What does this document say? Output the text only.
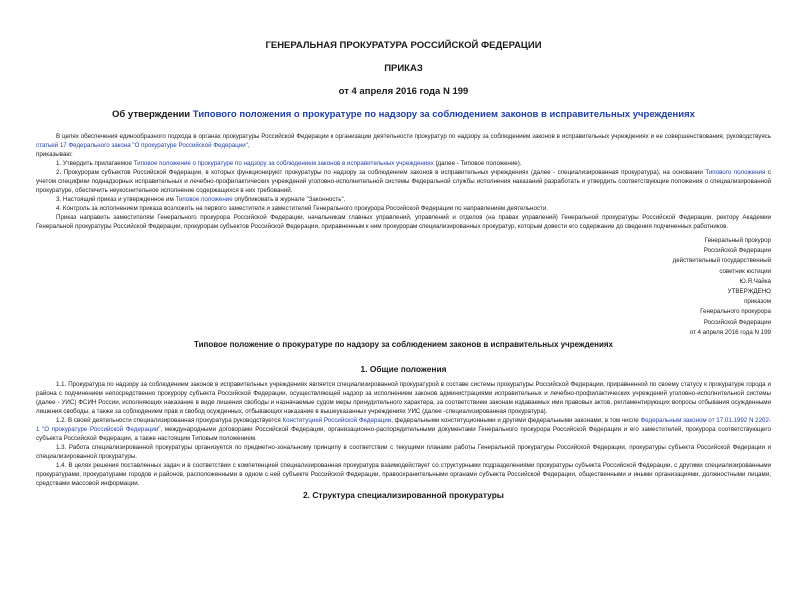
ГЕНЕРАЛЬНАЯ ПРОКУРАТУРА РОССИЙСКОЙ ФЕДЕРАЦИИ
ПРИКАЗ
от 4 апреля 2016 года N 199
Об утверждении Типового положения о прокуратуре по надзору за соблюдением законов в исправительных учреждениях

В целях обеспечения единообразного подхода в органах прокуратуры Российской Федерации к организации деятельности прокуратур по надзору за соблюдением законов в исправительных учреждениях и ее совершенствования, руководствуясь статьей 17 Федерального закона "О прокуратуре Российской Федерации",

приказываю:

1. Утвердить прилагаемое Типовое положение о прокуратуре по надзору за соблюдением законов в исправительных учреждениях (далее - Типовое положение).

2. Прокурорам субъектов Российской Федерации, в которых функционируют прокуратуры по надзору за соблюдением законов в исправительных учреждениях (далее - специализированная прокуратура), на основании Типового положения с учетом специфики поднадзорных исправительных и лечебно-профилактических учреждений уголовно-исполнительной системы Федеральной службы исполнения наказаний разработать и утвердить соответствующие положения о специализированной прокуратуре, обеспечить неукоснительное исполнение содержащихся в них требований.

3. Настоящий приказ и утвержденное им Типовое положение опубликовать в журнале "Законность".

4. Контроль за исполнением приказа возложить на первого заместителя и заместителей Генерального прокурора Российской Федерации по направлениям деятельности.

Приказ направить заместителям Генерального прокурора Российской Федерации, начальникам главных управлений, управлений и отделов (на правах управлений) Генеральной прокуратуры Российской Федерации, ректору Академии Генеральной прокуратуры Российской Федерации, прокурорам субъектов Российской Федерации, приравненным к ним прокурорам специализированных прокуратур, которым довести его содержание до сведения подчиненных работников.

Генеральный прокурор
Российской Федерации
действительный государственный
советник юстиции
Ю.Я.Чайка
УТВЕРЖДЕНО
приказом
Генерального прокурора
Российской Федерации
от 4 апреля 2016 года N 199
Типовое положение о прокуратуре по надзору за соблюдением законов в исправительных учреждениях
1. Общие положения

1.1. Прокуратура по надзору за соблюдением законов в исправительных учреждениях является специализированной прокуратурой в составе системы прокуратуры Российской Федерации, приравненной по своему статусу к прокуратуре города и района с подчинением непосредственно прокурору субъекта Российской Федерации, осуществляющей надзор за исполнением законов администрациями исправительных и лечебно-профилактических учреждений уголовно-исполнительной системы (далее - УИС) ФСИН России, исполняющих наказание в виде лишения свободы и назначаемые судом меры принудительного характера, за соответствием законам издаваемых ими правовых актов, регламентирующих вопросы отбывания осужденными лишения свободы, а также за соблюдением прав и свобод осужденных, отбывающих наказание в вышеуказанных учреждениях УИС (далее -специализированная прокуратура).

1.2. В своей деятельности специализированная прокуратура руководствуется Конституцией Российской Федерации, федеральными конституционными и другими федеральными законами, в том числе Федеральным законом от 17.01.1992 N 2202-1 "О прокуратуре Российской Федерации", международными договорами Российской Федерации, организационно-распорядительными документами Генерального прокурора Российской Федерации и его заместителей, прокурора соответствующего субъекта Российской Федерации, а также настоящим Типовым положением.

1.3. Работа специализированной прокуратуры организуется по предметно-зональному принципу в соответствии с текущими планами работы Генеральной прокуратуры Российской Федерации, прокуратуры субъекта Российской Федерации и специализированной прокуратуры.

1.4. В целях решения поставленных задач и в соответствии с компетенцией специализированная прокуратура взаимодействует со структурными подразделениями прокуратуры субъекта Российской Федерации, с другими специализированными прокуратурами, прокуратурами городов и районов, расположенными в одном с ней субъекте Российской Федерации, правоохранительными органами субъекта Российской Федерации, общественными и иными организациями, должностными лицами, средствами массовой информации.

2. Структура специализированной прокуратуры
